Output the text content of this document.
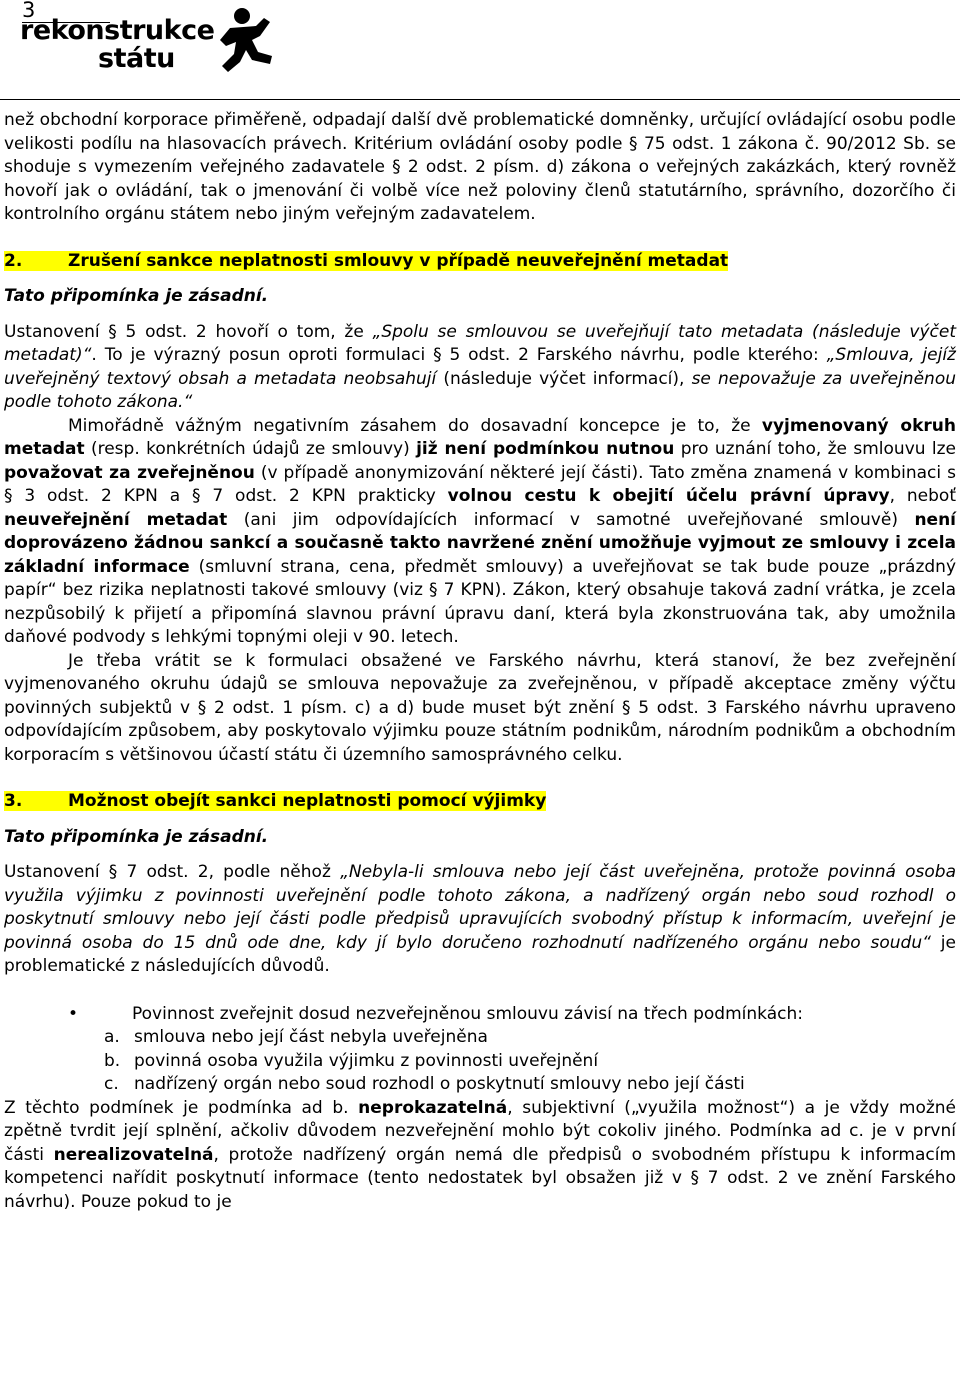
3
rekonstrukce
státu

než obchodní korporace přiměřeně, odpadají další dvě problematické domněnky, určující ovládající osobu podle velikosti podílu na hlasovacích právech. Kritérium ovládání osoby podle § 75 odst. 1 zákona č. 90/2012 Sb. se shoduje s vymezením veřejného zadavatele § 2 odst. 2 písm. d) zákona o veřejných zakázkách, který rovněž hovoří jak o ovládání, tak o jmenování či volbě více než poloviny členů statutárního, správního, dozorčího či kontrolního orgánu státem nebo jiným veřejným zadavatelem.

2.	Zrušení sankce neplatnosti smlouvy v případě neuveřejnění metadat

Tato připomínka je zásadní.

Ustanovení § 5 odst. 2 hovoří o tom, že „Spolu se smlouvou se uveřejňují tato metadata (následuje výčet metadat)“. To je výrazný posun oproti formulaci § 5 odst. 2 Farského návrhu, podle kterého: „Smlouva, jejíž uveřejněný textový obsah a metadata neobsahují (následuje výčet informací), se nepovažuje za uveřejněnou podle tohoto zákona.“

Mimořádně vážným negativním zásahem do dosavadní koncepce je to, že vyjmenovaný okruh metadat (resp. konkrétních údajů ze smlouvy) již není podmínkou nutnou pro uznání toho, že smlouvu lze považovat za zveřejněnou (v případě anonymizování některé její části). Tato změna znamená v kombinaci s § 3 odst. 2 KPN a § 7 odst. 2 KPN prakticky volnou cestu k obejití účelu právní úpravy, neboť neuveřejnění metadat (ani jim odpovídajících informací v samotné uveřejňované smlouvě) není doprovázeno žádnou sankcí a současně takto navržené znění umožňuje vyjmout ze smlouvy i zcela základní informace (smluvní strana, cena, předmět smlouvy) a uveřejňovat se tak bude pouze „prázdný papír“ bez rizika neplatnosti takové smlouvy (viz § 7 KPN). Zákon, který obsahuje taková zadní vrátka, je zcela nezpůsobilý k přijetí a připomíná slavnou právní úpravu daní, která byla zkonstruována tak, aby umožnila daňové podvody s lehkými topnými oleji v 90. letech.

Je třeba vrátit se k formulaci obsažené ve Farského návrhu, která stanoví, že bez zveřejnění vyjmenovaného okruhu údajů se smlouva nepovažuje za zveřejněnou, v případě akceptace změny výčtu povinných subjektů v § 2 odst. 1 písm. c) a d) bude muset být znění § 5 odst. 3 Farského návrhu upraveno odpovídajícím způsobem, aby poskytovalo výjimku pouze státním podnikům, národním podnikům a obchodním korporacím s většinovou účastí státu či územního samosprávného celku.

3.	Možnost obejít sankci neplatnosti pomocí výjimky

Tato připomínka je zásadní.

Ustanovení § 7 odst. 2, podle něhož „Nebyla-li smlouva nebo její část uveřejněna, protože povinná osoba využila výjimku z povinnosti uveřejnění podle tohoto zákona, a nadřízený orgán nebo soud rozhodl o poskytnutí smlouvy nebo její části podle předpisů upravujících svobodný přístup k informacím, uveřejní je povinná osoba do 15 dnů ode dne, kdy jí bylo doručeno rozhodnutí nadřízeného orgánu nebo soudu“ je problematické z následujících důvodů.

•	Povinnost zveřejnit dosud nezveřejněnou smlouvu závisí na třech podmínkách:
a. smlouva nebo její část nebyla uveřejněna
b. povinná osoba využila výjimku z povinnosti uveřejnění
c. nadřízený orgán nebo soud rozhodl o poskytnutí smlouvy nebo její části

Z těchto podmínek je podmínka ad b. neprokazatelná, subjektivní („využila možnost“) a je vždy možné zpětně tvrdit její splnění, ačkoliv důvodem nezveřejnění mohlo být cokoliv jiného. Podmínka ad c. je v první části nerealizovatelná, protože nadřízený orgán nemá dle předpisů o svobodném přístupu k informacím kompetenci nařídit poskytnutí informace (tento nedostatek byl obsažen již v § 7 odst. 2 ve znění Farského návrhu). Pouze pokud to je
